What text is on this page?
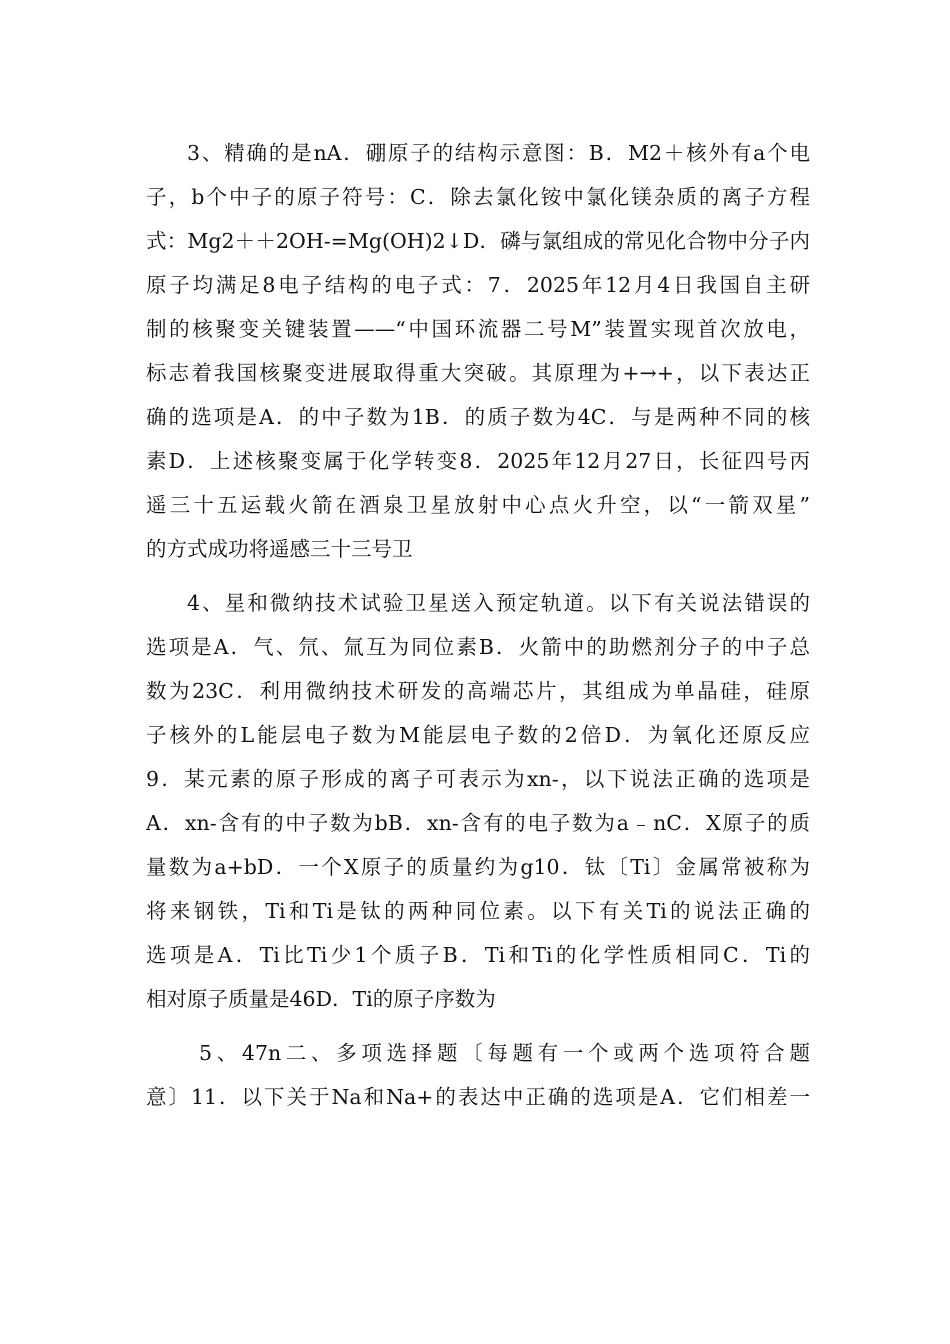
3、精确的是nA．硼原子的结构示意图：B．M2＋核外有a个电
子，b个中子的原子符号：C．除去氯化铵中氯化镁杂质的离子方程
式：Mg2＋＋2OH-=Mg(OH)2↓D．磷与氯组成的常见化合物中分子内
原子均满足8电子结构的电子式：7．2025年12月4日我国自主研
制的核聚变关键装置——“中国环流器二号M”装置实现首次放电，
标志着我国核聚变进展取得重大突破。其原理为+→+，以下表达正
确的选项是A．的中子数为1B．的质子数为4C．与是两种不同的核
素D．上述核聚变属于化学转变8．2025年12月27日，长征四号丙
遥三十五运载火箭在酒泉卫星放射中心点火升空，以“一箭双星”
的方式成功将遥感三十三号卫
4、星和微纳技术试验卫星送入预定轨道。以下有关说法错误的
选项是A．气、氘、氚互为同位素B．火箭中的助燃剂分子的中子总
数为23C．利用微纳技术研发的高端芯片，其组成为单晶硅，硅原
子核外的L能层电子数为M能层电子数的2倍D．为氧化还原反应
9．某元素的原子形成的离子可表示为xn-，以下说法正确的选项是
A．xn-含有的中子数为bB．xn-含有的电子数为a﹣nC．X原子的质
量数为a+bD．一个X原子的质量约为g10．钛〔Ti〕金属常被称为
将来钢铁，Ti和Ti是钛的两种同位素。以下有关Ti的说法正确的
选项是A．Ti比Ti少1个质子B．Ti和Ti的化学性质相同C．Ti的
相对原子质量是46D．Ti的原子序数为
5、47n二、多项选择题〔每题有一个或两个选项符合题
意〕11．以下关于Na和Na+的表达中正确的选项是A．它们相差一
